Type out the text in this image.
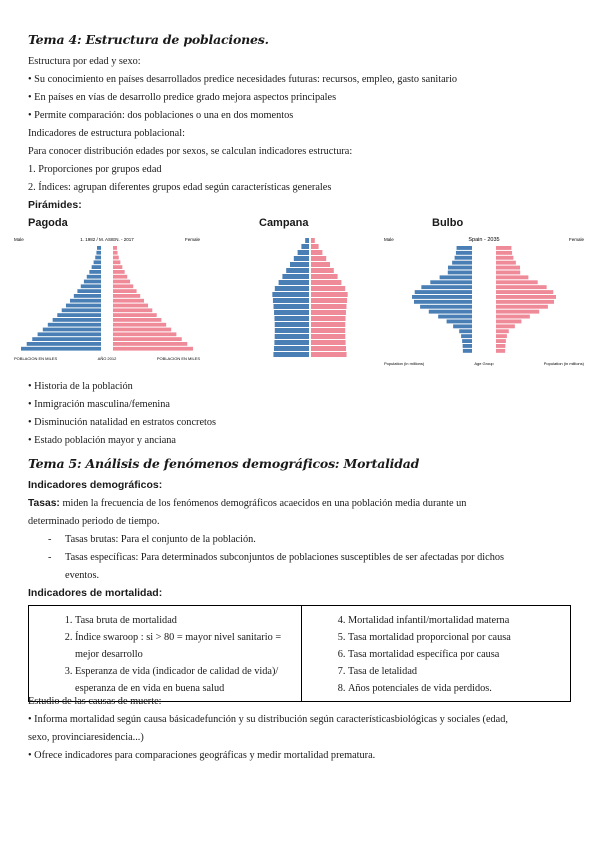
Tema 4: Estructura de poblaciones.
Estructura por edad y sexo:
• Su conocimiento en países desarrollados predice necesidades futuras: recursos, empleo, gasto sanitario
• En países en vías de desarrollo predice grado mejora aspectos principales
• Permite comparación: dos poblaciones o una en dos momentos
Indicadores de estructura poblacional:
Para conocer distribución edades por sexos, se calculan indicadores estructura:
1. Proporciones por grupos edad
2. Índices: agrupan diferentes grupos edad según características generales
Pirámides:
Pagoda	Campana	Bulbo
Male	1. 1982 / M. ASIEN. - 2017	Female
POBLACION EN MILES	AÑO 2012	POBLACION EN MILES
Male	Spain - 2035	Female
Population (in millions)	Age Group	Population (in millions)
• Historia de la población
• Inmigración masculina/femenina
• Disminución natalidad en estratos concretos
• Estado población mayor y anciana
Tema 5: Análisis de fenómenos demográficos: Mortalidad
Indicadores demográficos:
Tasas: miden la frecuencia de los fenómenos demográficos acaecidos en una población media durante un
determinado periodo de tiempo.
- Tasas brutas: Para el conjunto de la población.
- Tasas específicas: Para determinados subconjuntos de poblaciones susceptibles de ser afectadas por dichos
eventos.
Indicadores de mortalidad:
1. Tasa bruta de mortalidad
2. Índice swaroop : si > 80 = mayor nivel sanitario = mejor desarrollo
3. Esperanza de vida (indicador de calidad de vida)/ esperanza de en vida en buena salud

4. Mortalidad infantil/mortalidad materna
5. Tasa mortalidad proporcional por causa
6. Tasa mortalidad específica por causa
7. Tasa de letalidad
8. Años potenciales de vida perdidos.
Estudio de las causas de muerte:
• Informa mortalidad según causa básicadefunción y su distribución según característicasbiológicas y sociales (edad,
sexo, provinciaresidencia...)
• Ofrece indicadores para comparaciones geográficas y medir mortalidad prematura.
